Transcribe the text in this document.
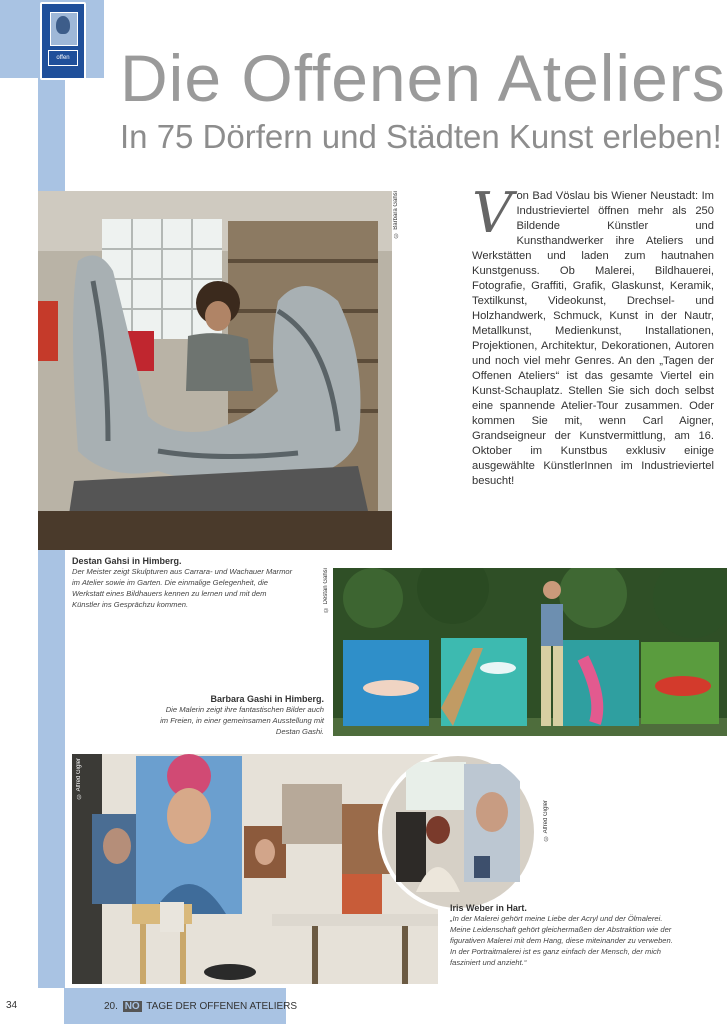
offen Die Offenen Ateliers
In 75 Dörfern und Städten Kunst erleben!
© Barbara Gahsi V on Bad Vöslau bis Wiener Neustadt: Im Industrieviertel öffnen mehr als 250 Bildende Künstler und Kunsthandwerker ihre Ateliers und Werkstätten und laden zum hautnahen Kunstgenuss. Ob Malerei, Bildhauerei, Fotografie, Graffiti, Grafik, Glaskunst, Keramik, Textilkunst, Videokunst, Drechsel- und Holzhandwerk, Schmuck, Kunst in der Nautr, Metallkunst, Medienkunst, Installationen, Projektionen, Architektur, Dekorationen, Autoren und noch viel mehr Genres. An den „Tagen der Offenen Ateliers“ ist das gesamte Viertel ein Kunst-Schauplatz. Stellen Sie sich doch selbst eine spannende Atelier-Tour zusammen. Oder kommen Sie mit, wenn Carl Aigner, Grandseigneur der Kunstvermittlung, am 16. Oktober im Kunstbus exklusiv einige ausgewählte KünstlerInnen im Industrieviertel besucht!
Destan Gahsi in Himberg.
Der Meister zeigt Skulpturen aus Carrara- und Wachauer Marmor im Atelier sowie im Garten. Die einmalige Gelegenheit, die Werkstatt eines Bildhauers kennen zu lernen und mit dem Künstler ins Gesprächzu kommen.	© Destan Gahsi
Barbara Gashi in Himberg.
Die Malerin zeigt ihre fantastischen Bilder auch im Freien, in einer gemeinsamen Ausstellung mit Destan Gashi.
© Alfred Gigler
© Alfred Gigler
Iris Weber in Hart.
„In der Malerei gehört meine Liebe der Acryl und der Ölmalerei. Meine Leidenschaft gehört gleichermaßen der Abstraktion wie der figurativen Malerei mit dem Hang, diese miteinander zu verweben. In der Portraitmalerei ist es ganz einfach der Mensch, der mich fasziniert und anzieht.“
34	20. NÖ TAGE DER OFFENEN ATELIERS
